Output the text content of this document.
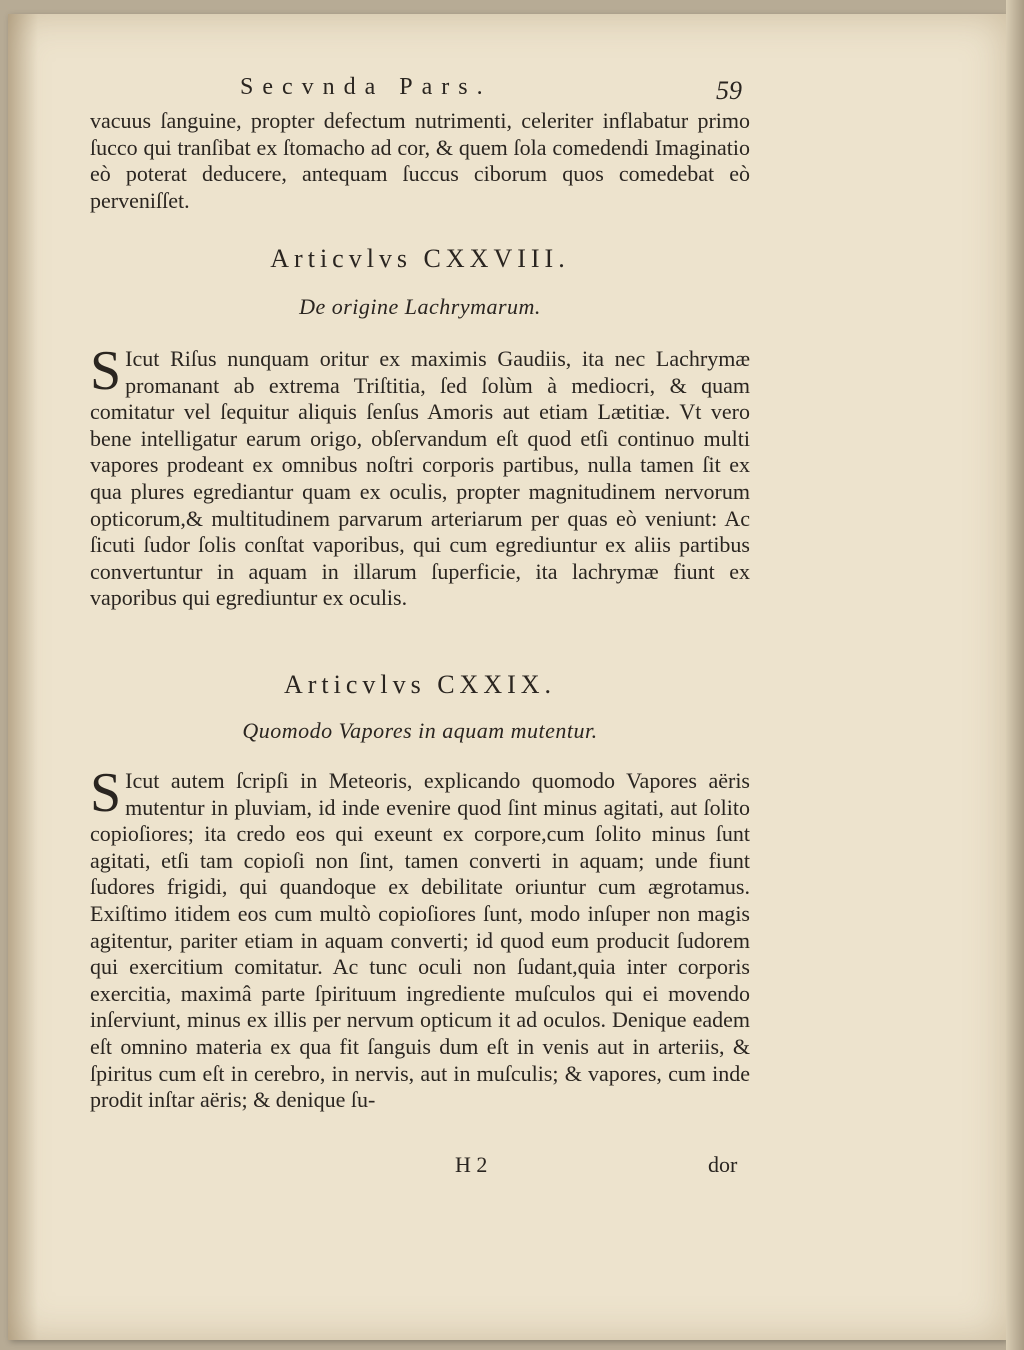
Secvnda Pars.	59
vacuus ſanguine, propter defectum nutrimenti, celeriter inflabatur primo ſucco qui tranſibat ex ſtomacho ad cor, & quem ſola comedendi Imaginatio eò poterat deducere, antequam ſuccus ciborum quos comedebat eò perveniſſet.
Articvlvs CXXVIII.
De origine Lachrymarum.
S Icut Riſus nunquam oritur ex maximis Gaudiis, ita nec Lachrymæ promanant ab extrema Triſtitia, ſed ſolùm à mediocri, & quam comitatur vel ſequitur aliquis ſenſus Amoris aut etiam Lætitiæ. Vt vero bene intelligatur earum origo, obſervandum eſt quod etſi continuo multi vapores prodeant ex omnibus noſtri corporis partibus, nulla tamen ſit ex qua plures egrediantur quam ex oculis, propter magnitudinem nervorum opticorum,& multitudinem parvarum arteriarum per quas eò veniunt: Ac ſicuti ſudor ſolis conſtat vaporibus, qui cum egrediuntur ex aliis partibus convertuntur in aquam in illarum ſuperficie, ita lachrymæ fiunt ex vaporibus qui egrediuntur ex oculis.
Articvlvs CXXIX.
Quomodo Vapores in aquam mutentur.
S Icut autem ſcripſi in Meteoris, explicando quomodo Vapores aëris mutentur in pluviam, id inde evenire quod ſint minus agitati, aut ſolito copioſiores; ita credo eos qui exeunt ex corpore,cum ſolito minus ſunt agitati, etſi tam copioſi non ſint, tamen converti in aquam; unde fiunt ſudores frigidi, qui quandoque ex debilitate oriuntur cum ægrotamus. Exiſtimo itidem eos cum multò copioſiores ſunt, modo inſuper non magis agitentur, pariter etiam in aquam converti; id quod eum producit ſudorem qui exercitium comitatur. Ac tunc oculi non ſudant,quia inter corporis exercitia, maximâ parte ſpirituum ingrediente muſculos qui ei movendo inſerviunt, minus ex illis per nervum opticum it ad oculos. Denique eadem eſt omnino materia ex qua fit ſanguis dum eſt in venis aut in arteriis, & ſpiritus cum eſt in cerebro, in nervis, aut in muſculis; & vapores, cum inde prodit inſtar aëris; & denique ſu-
H 2	dor
